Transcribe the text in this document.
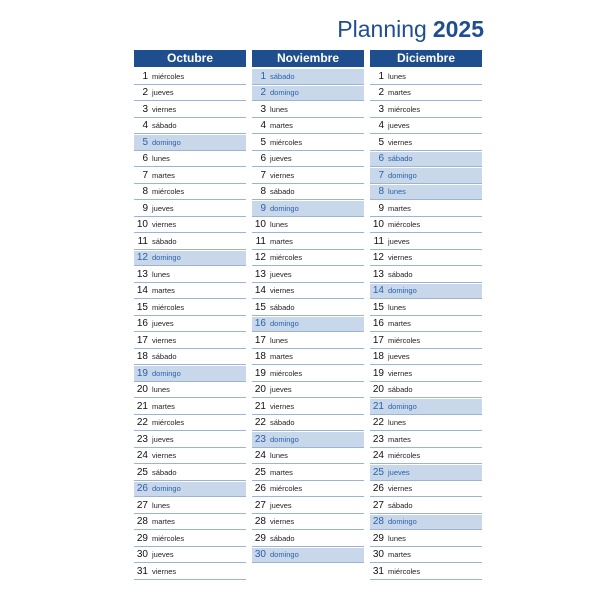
Planning 2025
Octubre
1 miércoles
2 jueves
3 viernes
4 sábado
5 domingo
6 lunes
7 martes
8 miércoles
9 jueves
10 viernes
11 sábado
12 domingo
13 lunes
14 martes
15 miércoles
16 jueves
17 viernes
18 sábado
19 domingo
20 lunes
21 martes
22 miércoles
23 jueves
24 viernes
25 sábado
26 domingo
27 lunes
28 martes
29 miércoles
30 jueves
31 viernes
Noviembre
1 sábado
2 domingo
3 lunes
4 martes
5 miércoles
6 jueves
7 viernes
8 sábado
9 domingo
10 lunes
11 martes
12 miércoles
13 jueves
14 viernes
15 sábado
16 domingo
17 lunes
18 martes
19 miércoles
20 jueves
21 viernes
22 sábado
23 domingo
24 lunes
25 martes
26 miércoles
27 jueves
28 viernes
29 sábado
30 domingo
Diciembre
1 lunes
2 martes
3 miércoles
4 jueves
5 viernes
6 sábado
7 domingo
8 lunes
9 martes
10 miércoles
11 jueves
12 viernes
13 sábado
14 domingo
15 lunes
16 martes
17 miércoles
18 jueves
19 viernes
20 sábado
21 domingo
22 lunes
23 martes
24 miércoles
25 jueves
26 viernes
27 sábado
28 domingo
29 lunes
30 martes
31 miércoles
